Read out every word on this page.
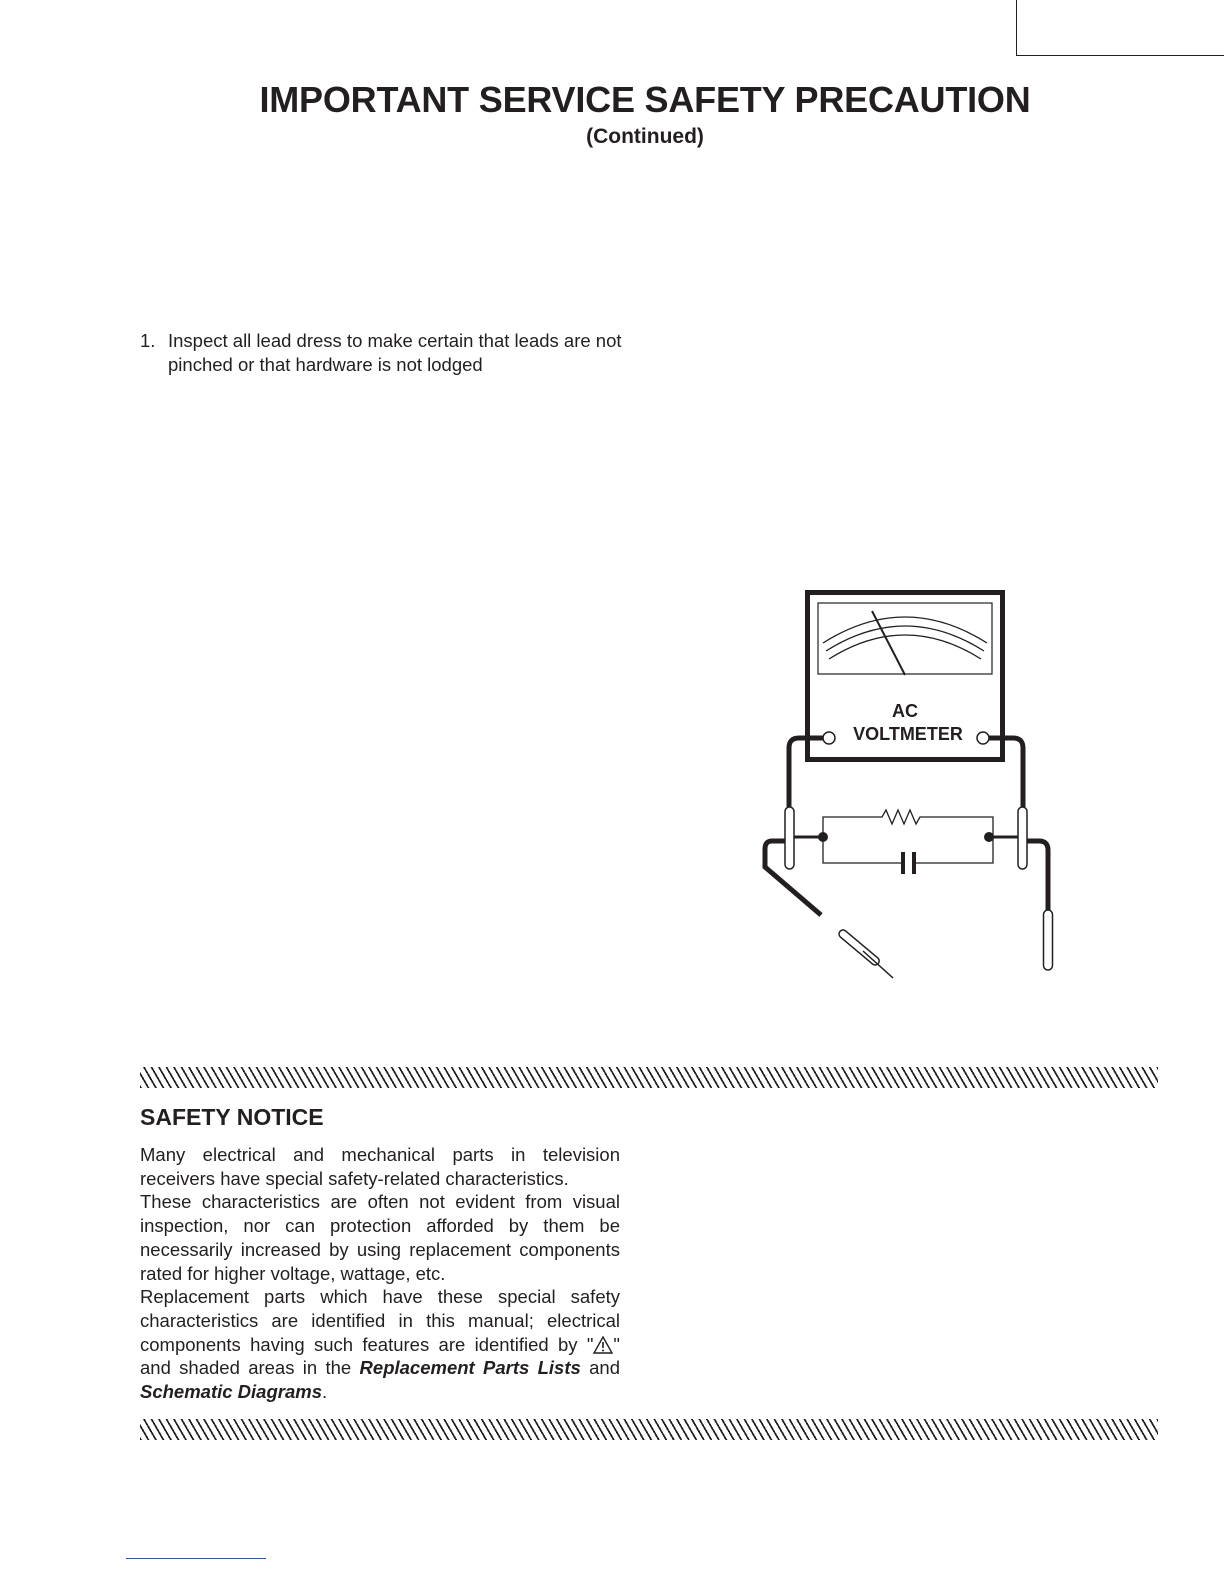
IMPORTANT SERVICE SAFETY PRECAUTION
(Continued)
1. Inspect all lead dress to make certain that leads are not pinched or that hardware is not lodged
AC
VOLTMETER
SAFETY NOTICE

Many electrical and mechanical parts in television receivers have special safety-related characteristics.

These characteristics are often not evident from visual inspection, nor can protection afforded by them be necessarily increased by using replacement components rated for higher voltage, wattage, etc.

Replacement parts which have these special safety characteristics are identified in this manual; electrical components having such features are identified by " " and shaded areas in the Replacement Parts Lists and Schematic Diagrams.
